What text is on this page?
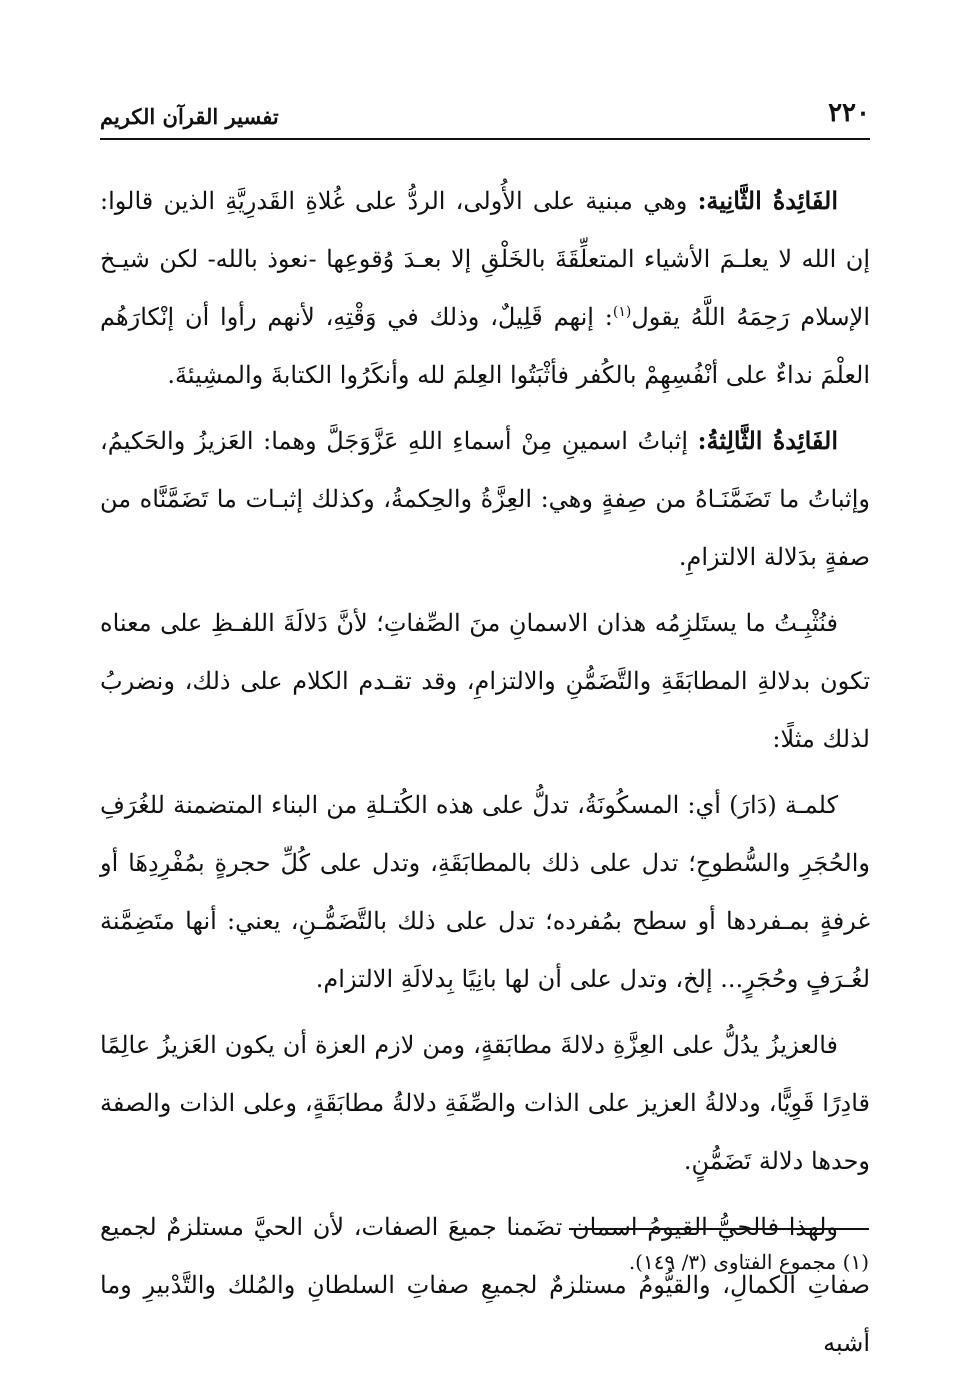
٢٢٠
تفسير القرآن الكريم

الفَائِدةُ الثَّانِية: وهي مبنية على الأُولى، الردُّ على غُلاةِ القَدرِيَّةِ الذين قالوا: إن الله لا يعلـمَ الأشياء المتعلِّقَةَ بالخَلْقِ إلا بعـدَ وُقوعِها -نعوذ بالله- لكن شيـخ الإسلام رَحِمَهُ اللَّهُ يقول$^{(١)}$: إنهم قَلِيلٌ، وذلك في وَقْتِهِ، لأنهم رأوا أن إنْكارَهُم العلْمَ نداءٌ على أنْفُسِهِمْ بالكُفر فأثْبَتُوا العِلمَ لله وأنكَرُوا الكتابةَ والمشِيئةَ.

الفَائِدةُ الثَّالِثةُ: إثباتُ اسمينِ مِنْ أسماءِ اللهِ عَزَّوَجَلَّ وهما: العَزيزُ والحَكيمُ، وإثباتُ ما تَضَمَّنَـاهُ من صِفةٍ وهي: العِزَّةُ والحِكمةُ، وكذلك إثبـات ما تَضَمَّنَّاه من صفةٍ بدَلالة الالتزامِ.

فنُثْبِـتُ ما يستَلزِمُه هذان الاسمانِ منَ الصِّفاتِ؛ لأنَّ دَلالَةَ اللفـظِ على معناه تكون بدلالةِ المطابَقَةِ والتَّضَمُّنِ والالتزامِ، وقد تقـدم الكلام على ذلك، ونضربُ لذلك مثلًا:

كلمـة (دَارَ) أي: المسكُونَةُ، تدلُّ على هذه الكُتـلةِ من البناء المتضمنة للغُرَفِ والحُجَرِ والسُّطوحِ؛ تدل على ذلك بالمطابَقَةِ، وتدل على كُلِّ حجرةٍ بمُفْرِدِهَا أو غرفةٍ بمـفردها أو سطح بمُفرده؛ تدل على ذلك بالتَّضَمُّـنِ، يعني: أنها متَضِمَّنة لغُـرَفٍ وحُجَرٍ... إلخ، وتدل على أن لها بانِيًا بِدلالَةِ الالتزام.

فالعزيزُ يدُلُّ على العِزَّةِ دلالةَ مطابَقةٍ، ومن لازم العزة أن يكون العَزيزُ عالِمًا قادِرًا قَوِيًّا، ودلالةُ العزيز على الذات والصِّفَةِ دلالةُ مطابَقَةٍ، وعلى الذات والصفة وحدها دلالة تَضَمُّنٍ.

ولهذا فالحيُّ القيومُ اسمان تضَمنا جميعَ الصفات، لأن الحيَّ مستلزمٌ لجميع صفاتِ الكمالِ، والقيُّومُ مستلزمٌ لجميعِ صفاتِ السلطانِ والمُلك والتَّدْبيرِ وما أشبه

(١) مجموع الفتاوى (٣/ ١٤٩).
